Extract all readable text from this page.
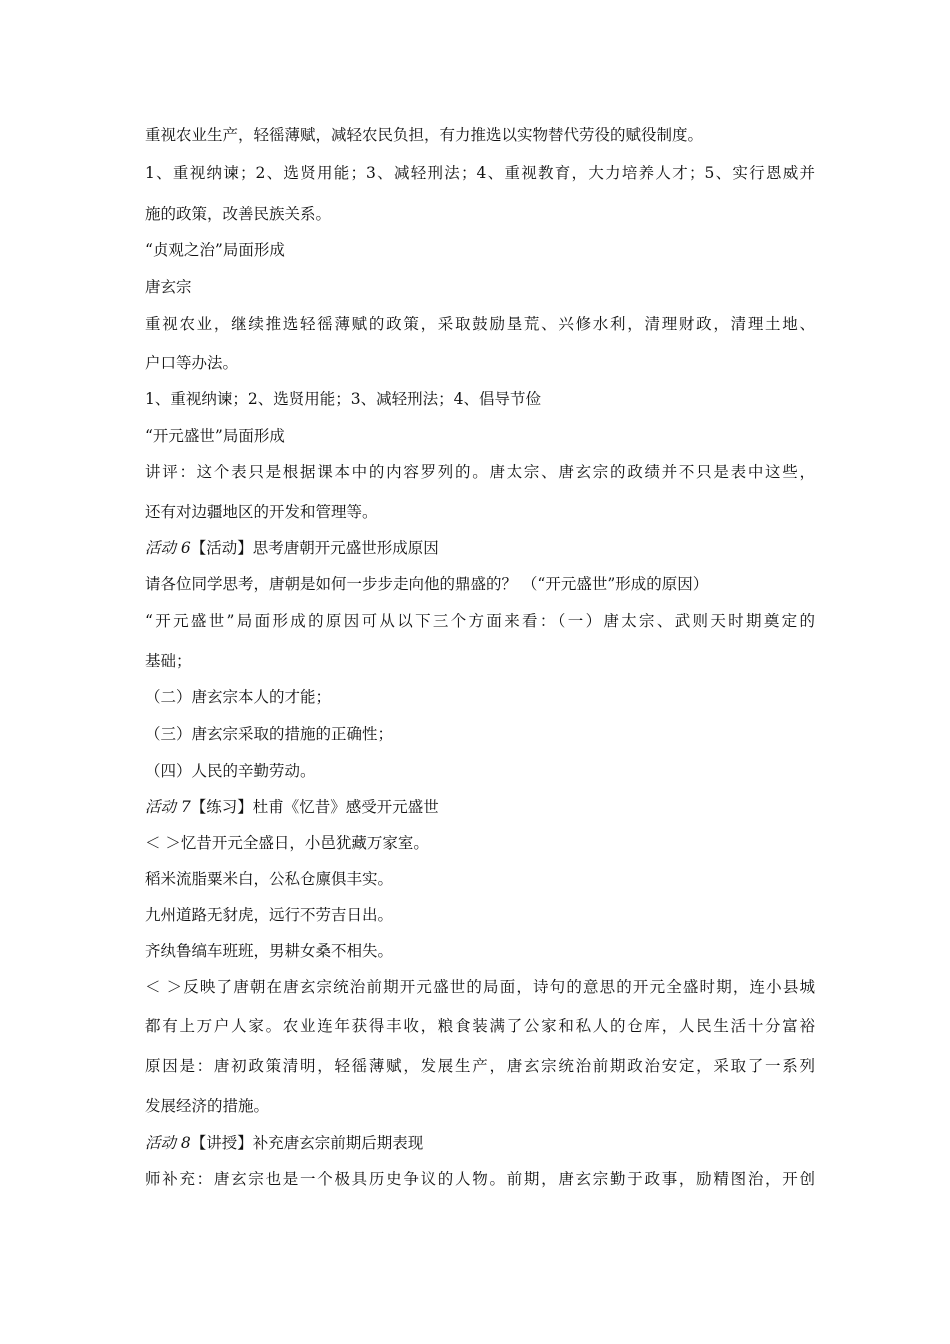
重视农业生产，轻徭薄赋，减轻农民负担，有力推选以实物替代劳役的赋役制度。
1、重视纳谏；2、选贤用能；3、减轻刑法；4、重视教育，大力培养人才；5、实行恩威并
施的政策，改善民族关系。
“贞观之治”局面形成
唐玄宗
重视农业，继续推选轻徭薄赋的政策，采取鼓励垦荒、兴修水利，清理财政，清理土地、
户口等办法。
1、重视纳谏；2、选贤用能；3、减轻刑法；4、倡导节俭
“开元盛世”局面形成
讲评：这个表只是根据课本中的内容罗列的。唐太宗、唐玄宗的政绩并不只是表中这些，
还有对边疆地区的开发和管理等。
活动 6【活动】思考唐朝开元盛世形成原因
请各位同学思考，唐朝是如何一步步走向他的鼎盛的？ （“开元盛世”形成的原因）
“开元盛世”局面形成的原因可从以下三个方面来看：（一）唐太宗、武则天时期奠定的
基础；
（二）唐玄宗本人的才能；
（三）唐玄宗采取的措施的正确性；
（四）人民的辛勤劳动。
活动 7【练习】杜甫《忆昔》感受开元盛世
＜ ＞忆昔开元全盛日，小邑犹藏万家室。
稻米流脂粟米白，公私仓廪俱丰实。
九州道路无豺虎，远行不劳吉日出。
齐纨鲁缟车班班，男耕女桑不相失。
＜ ＞反映了唐朝在唐玄宗统治前期开元盛世的局面，诗句的意思的开元全盛时期，连小县城
都有上万户人家。农业连年获得丰收，粮食装满了公家和私人的仓库，人民生活十分富裕
原因是：唐初政策清明，轻徭薄赋，发展生产，唐玄宗统治前期政治安定，采取了一系列
发展经济的措施。
活动 8【讲授】补充唐玄宗前期后期表现
师补充：唐玄宗也是一个极具历史争议的人物。前期，唐玄宗勤于政事，励精图治，开创
